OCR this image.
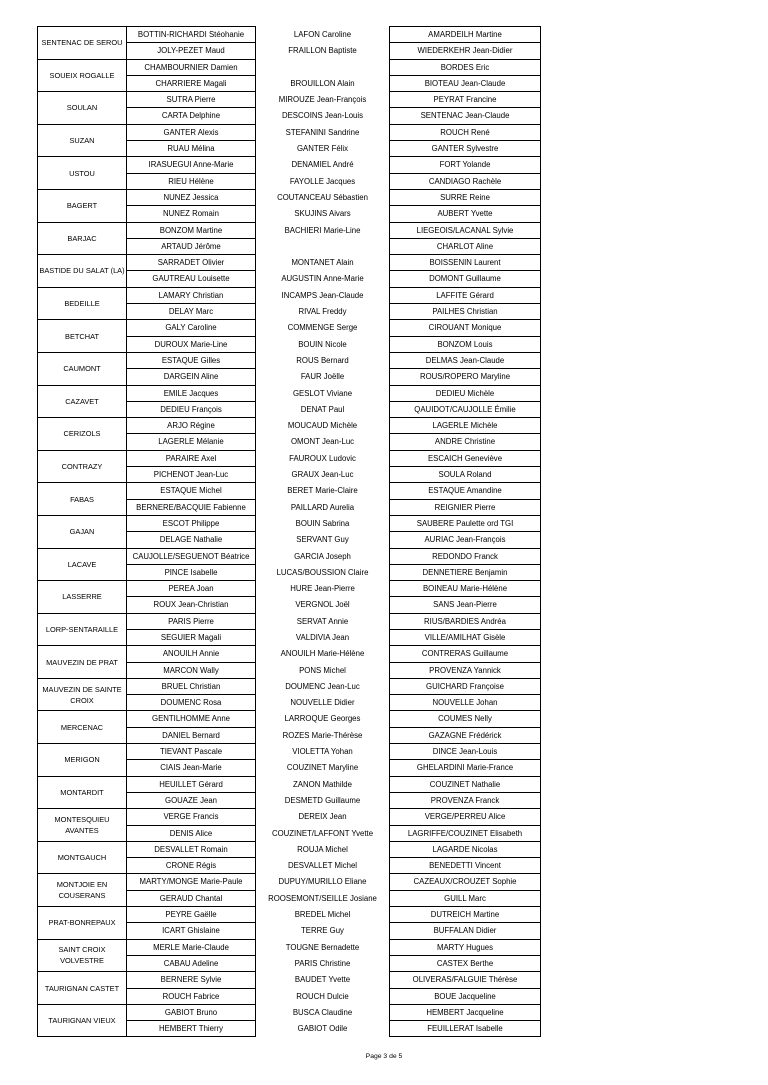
SENTENAC DE SEROU	BOTTIN-RICHARDI Stéohanie	LAFON Caroline	AMARDEILH Martine
	JOLY-PEZET Maud	FRAILLON Baptiste	WIEDERKEHR Jean-Didier
SOUEIX ROGALLE	CHAMBOURNIER Damien		BORDES Eric
	CHARRIERE Magali	BROUILLON Alain	BIOTEAU Jean-Claude
SOULAN	SUTRA Pierre	MIROUZE Jean-François	PEYRAT Francine
	CARTA Delphine	DESCOINS Jean-Louis	SENTENAC Jean-Claude
SUZAN	GANTER Alexis	STEFANINI Sandrine	ROUCH René
	RUAU Mélina	GANTER Félix	GANTER Sylvestre
USTOU	IRASUEGUI Anne-Marie	DENAMIEL André	FORT Yolande
	RIEU Hélène	FAYOLLE Jacques	CANDIAGO Rachèle
BAGERT	NUNEZ Jessica	COUTANCEAU Sébastien	SURRE Reine
	NUNEZ Romain	SKUJINS Aivars	AUBERT Yvette
BARJAC	BONZOM Martine	BACHIERI Marie-Line	LIEGEOIS/LACANAL Sylvie
	ARTAUD Jérôme		CHARLOT Aline
BASTIDE DU SALAT (LA)	SARRADET Olivier	MONTANET Alain	BOISSENIN Laurent
	GAUTREAU Louisette	AUGUSTIN Anne-Marie	DOMONT Guillaume
BEDEILLE	LAMARY Christian	INCAMPS Jean-Claude	LAFFITE Gérard
	DELAY Marc	RIVAL Freddy	PAILHES Christian
BETCHAT	GALY Caroline	COMMENGE Serge	CIROUANT Monique
	DUROUX Marie-Line	BOUIN Nicole	BONZOM Louis
CAUMONT	ESTAQUE Gilles	ROUS Bernard	DELMAS Jean-Claude
	DARGEIN Aline	FAUR Joëlle	ROUS/ROPERO Maryline
CAZAVET	EMILE Jacques	GESLOT Viviane	DEDIEU Michèle
	DEDIEU François	DENAT Paul	QAUIDOT/CAUJOLLE Émilie
CERIZOLS	ARJO Régine	MOUCAUD Michèle	LAGERLE Michèle
	LAGERLE Mélanie	OMONT Jean-Luc	ANDRE Christine
CONTRAZY	PARAIRE Axel	FAUROUX Ludovic	ESCAICH Geneviève
	PICHENOT Jean-Luc	GRAUX Jean-Luc	SOULA Roland
FABAS	ESTAQUE Michel	BERET Marie-Claire	ESTAQUE Amandine
	BERNERE/BACQUIE Fabienne	PAILLARD Aurelia	REIGNIER Pierre
GAJAN	ESCOT Philippe	BOUIN Sabrina	SAUBERE Paulette ord TGI
	DELAGE Nathalie	SERVANT Guy	AURIAC Jean-François
LACAVE	CAUJOLLE/SEGUENOT Béatrice	GARCIA Joseph	REDONDO Franck
	PINCE Isabelle	LUCAS/BOUSSION Claire	DENNETIERE Benjamin
LASSERRE	PEREA Joan	HURE Jean-Pierre	BOINEAU Marie-Hélène
	ROUX Jean-Christian	VERGNOL Joël	SANS Jean-Pierre
LORP-SENTARAILLE	PARIS Pierre	SERVAT Annie	RIUS/BARDIES Andréa
	SEGUIER Magali	VALDIVIA Jean	VILLE/AMILHAT Gisèle
MAUVEZIN DE PRAT	ANOUILH Annie	ANOUILH Marie-Hélène	CONTRERAS Guillaume
	MARCON Wally	PONS Michel	PROVENZA Yannick
MAUVEZIN DE SAINTE CROIX	BRUEL Christian	DOUMENC Jean-Luc	GUICHARD Françoise
	DOUMENC Rosa	NOUVELLE Didier	NOUVELLE Johan
MERCENAC	GENTILHOMME Anne	LARROQUE Georges	COUMES Nelly
	DANIEL Bernard	ROZES Marie-Thérèse	GAZAGNE Frédérick
MERIGON	TIEVANT Pascale	VIOLETTA Yohan	DINCE Jean-Louis
	CIAIS Jean-Marie	COUZINET Maryline	GHELARDINI Marie-France
MONTARDIT	HEUILLET Gérard	ZANON Mathilde	COUZINET Nathalie
	GOUAZE Jean	DESMETD Guillaume	PROVENZA Franck
MONTESQUIEU AVANTES	VERGE Francis	DEREIX Jean	VERGE/PERREU Alice
	DENIS Alice	COUZINET/LAFFONT Yvette	LAGRIFFE/COUZINET Elisabeth
MONTGAUCH	DESVALLET Romain	ROUJA Michel	LAGARDE Nicolas
	CRONE Régis	DESVALLET Michel	BENEDETTI Vincent
MONTJOIE EN COUSERANS	MARTY/MONGE Marie-Paule	DUPUY/MURILLO Eliane	CAZEAUX/CROUZET Sophie
	GERAUD Chantal	ROOSEMONT/SEILLE Josiane	GUILL Marc
PRAT-BONREPAUX	PEYRE Gaëlle	BREDEL Michel	DUTREICH Martine
	ICART Ghislaine	TERRE Guy	BUFFALAN Didier
SAINT CROIX VOLVESTRE	MERLE Marie-Claude	TOUGNE Bernadette	MARTY Hugues
	CABAU Adeline	PARIS Christine	CASTEX Berthe
TAURIGNAN CASTET	BERNERE Sylvie	BAUDET Yvette	OLIVERAS/FALGUIE Thérèse
	ROUCH Fabrice	ROUCH Dulcie	BOUE Jacqueline
TAURIGNAN VIEUX	GABIOT Bruno	BUSCA Claudine	HEMBERT Jacqueline
	HEMBERT Thierry	GABIOT Odile	FEUILLERAT Isabelle
Page 3 de 5
